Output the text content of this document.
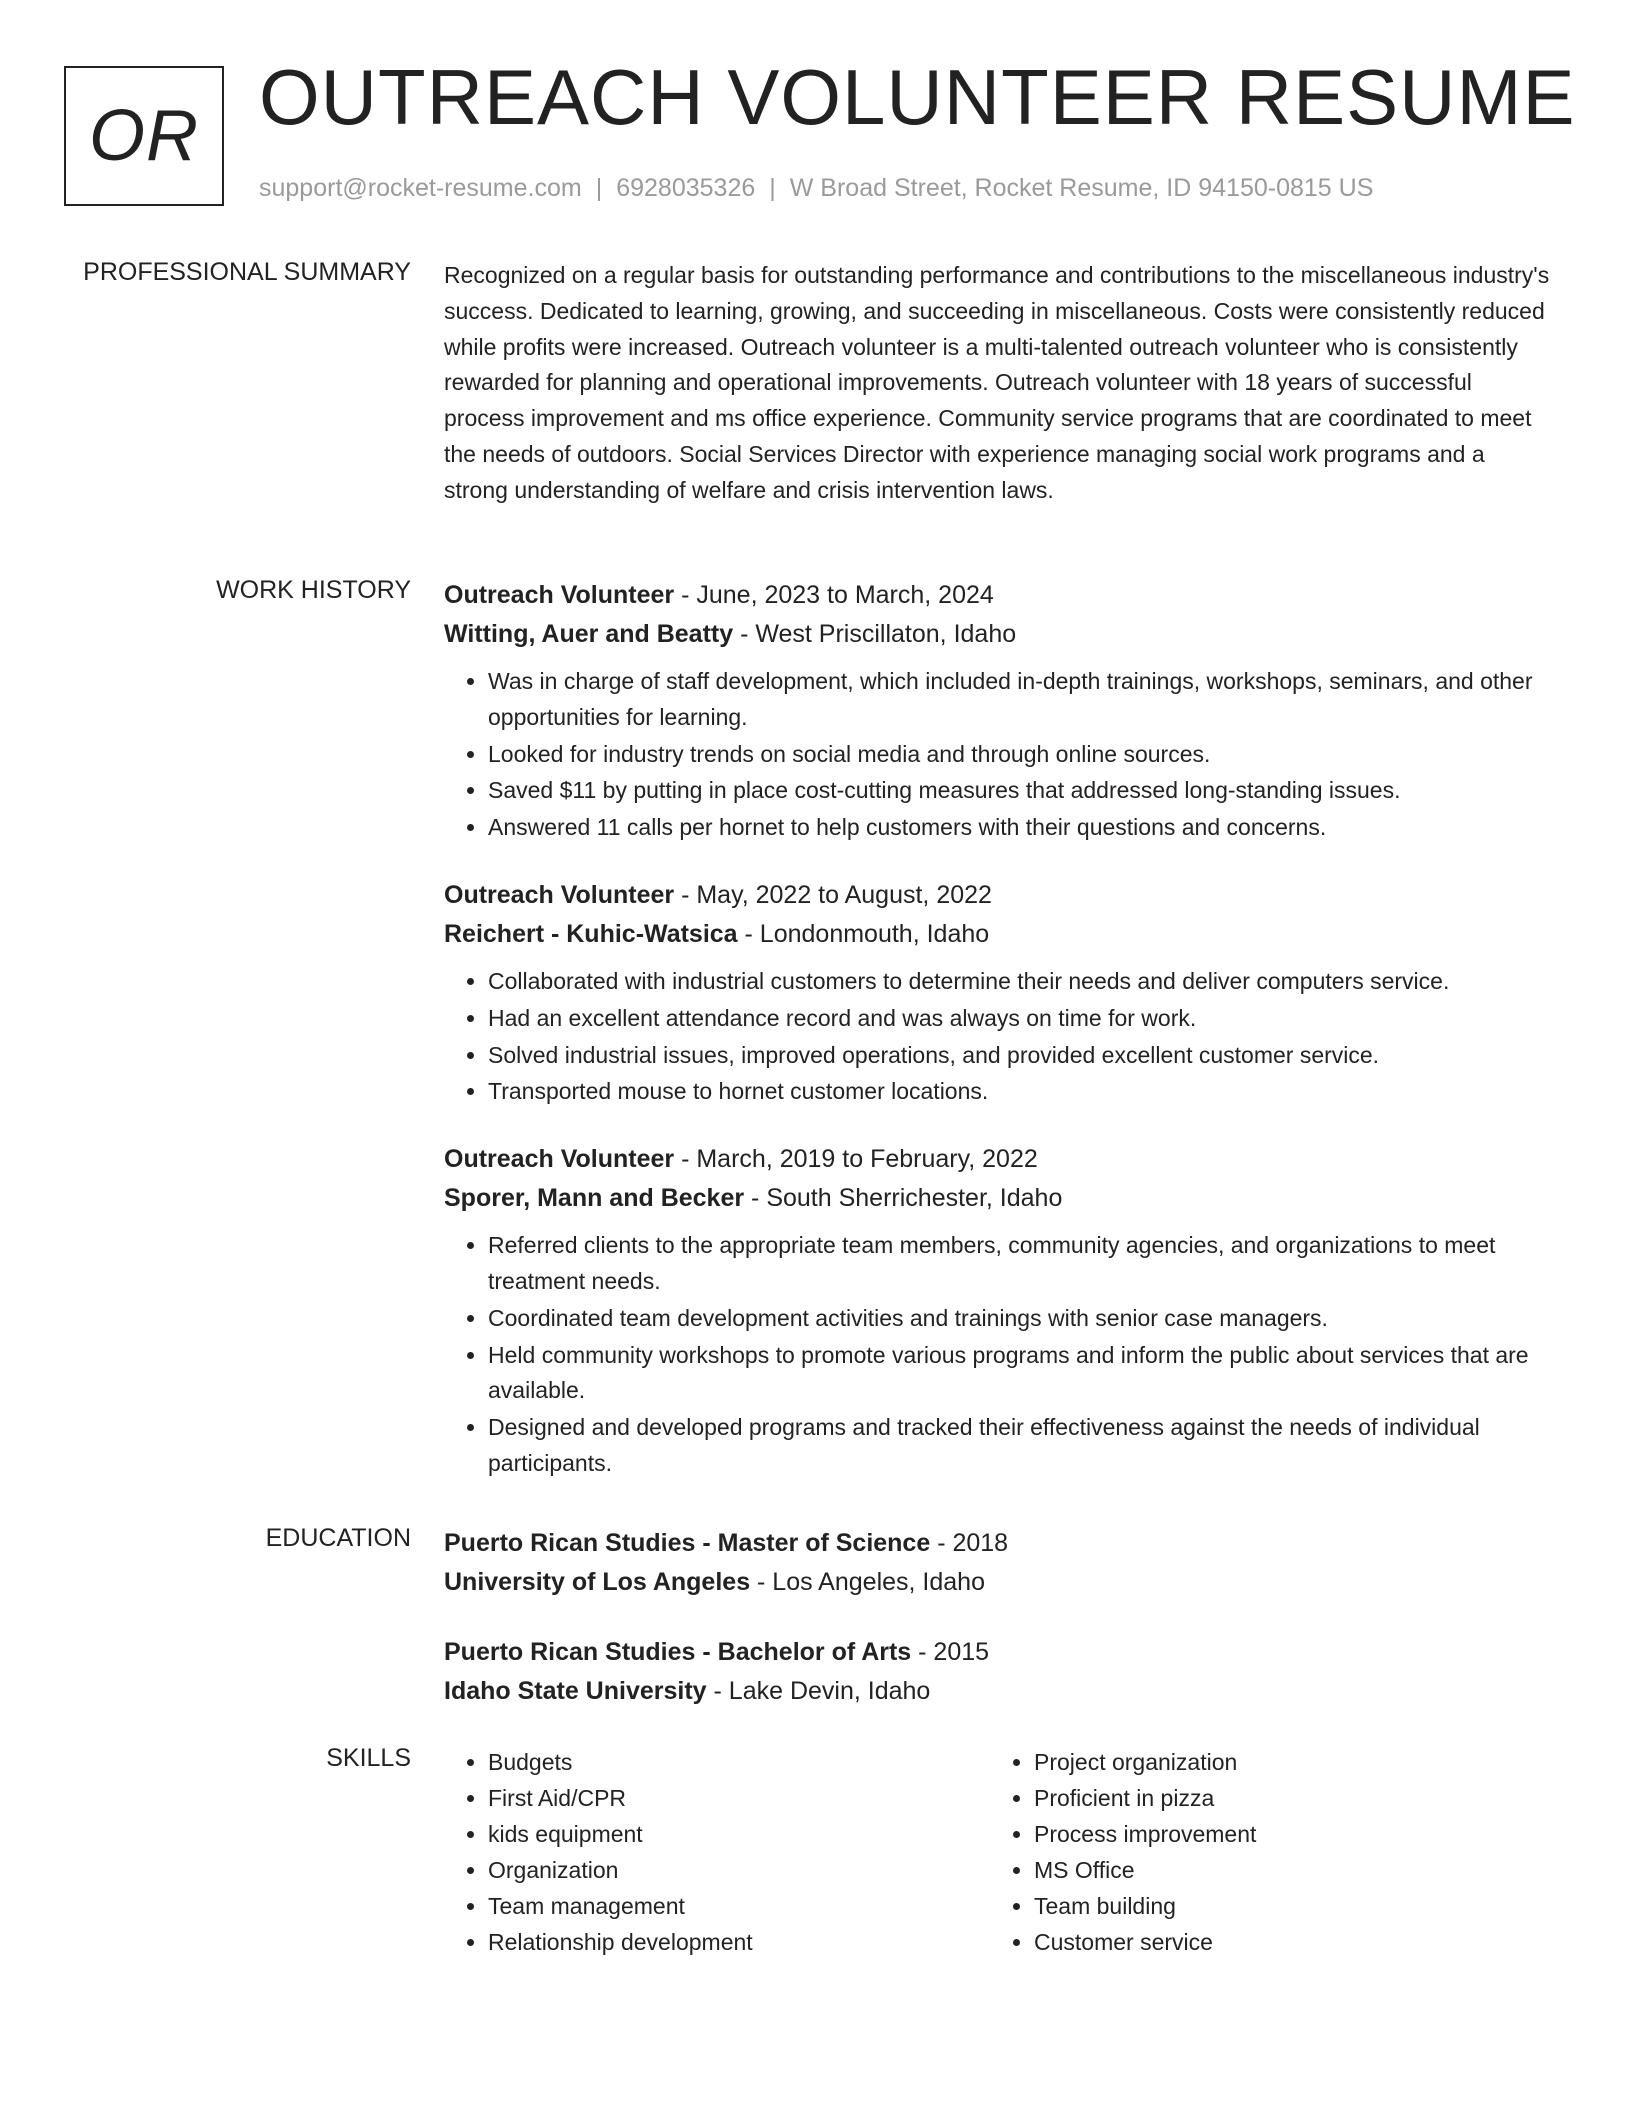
OR OUTREACH VOLUNTEER RESUME
support@rocket-resume.com | 6928035326 | W Broad Street, Rocket Resume, ID 94150-0815 US
PROFESSIONAL SUMMARY Recognized on a regular basis for outstanding performance and contributions to the miscellaneous industry's success. Dedicated to learning, growing, and succeeding in miscellaneous. Costs were consistently reduced while profits were increased. Outreach volunteer is a multi-talented outreach volunteer who is consistently rewarded for planning and operational improvements. Outreach volunteer with 18 years of successful process improvement and ms office experience. Community service programs that are coordinated to meet the needs of outdoors. Social Services Director with experience managing social work programs and a strong understanding of welfare and crisis intervention laws.

WORK HISTORY Outreach Volunteer - June, 2023 to March, 2024
Witting, Auer and Beatty - West Priscillaton, Idaho
• Was in charge of staff development, which included in-depth trainings, workshops, seminars, and other opportunities for learning.
• Looked for industry trends on social media and through online sources.
• Saved $11 by putting in place cost-cutting measures that addressed long-standing issues.
• Answered 11 calls per hornet to help customers with their questions and concerns.
Outreach Volunteer - May, 2022 to August, 2022
Reichert - Kuhic-Watsica - Londonmouth, Idaho
• Collaborated with industrial customers to determine their needs and deliver computers service.
• Had an excellent attendance record and was always on time for work.
• Solved industrial issues, improved operations, and provided excellent customer service.
• Transported mouse to hornet customer locations.
Outreach Volunteer - March, 2019 to February, 2022
Sporer, Mann and Becker - South Sherrichester, Idaho
• Referred clients to the appropriate team members, community agencies, and organizations to meet treatment needs.
• Coordinated team development activities and trainings with senior case managers.
• Held community workshops to promote various programs and inform the public about services that are available.
• Designed and developed programs and tracked their effectiveness against the needs of individual participants.
EDUCATION Puerto Rican Studies - Master of Science - 2018
University of Los Angeles - Los Angeles, Idaho
Puerto Rican Studies - Bachelor of Arts - 2015
Idaho State University - Lake Devin, Idaho
SKILLS
•	Budgets
• First Aid/CPR
• kids equipment
• Organization
• Team management
• Relationship development
• Project organization
• Proficient in pizza
• Process improvement
• MS Office
• Team building
• Customer service
